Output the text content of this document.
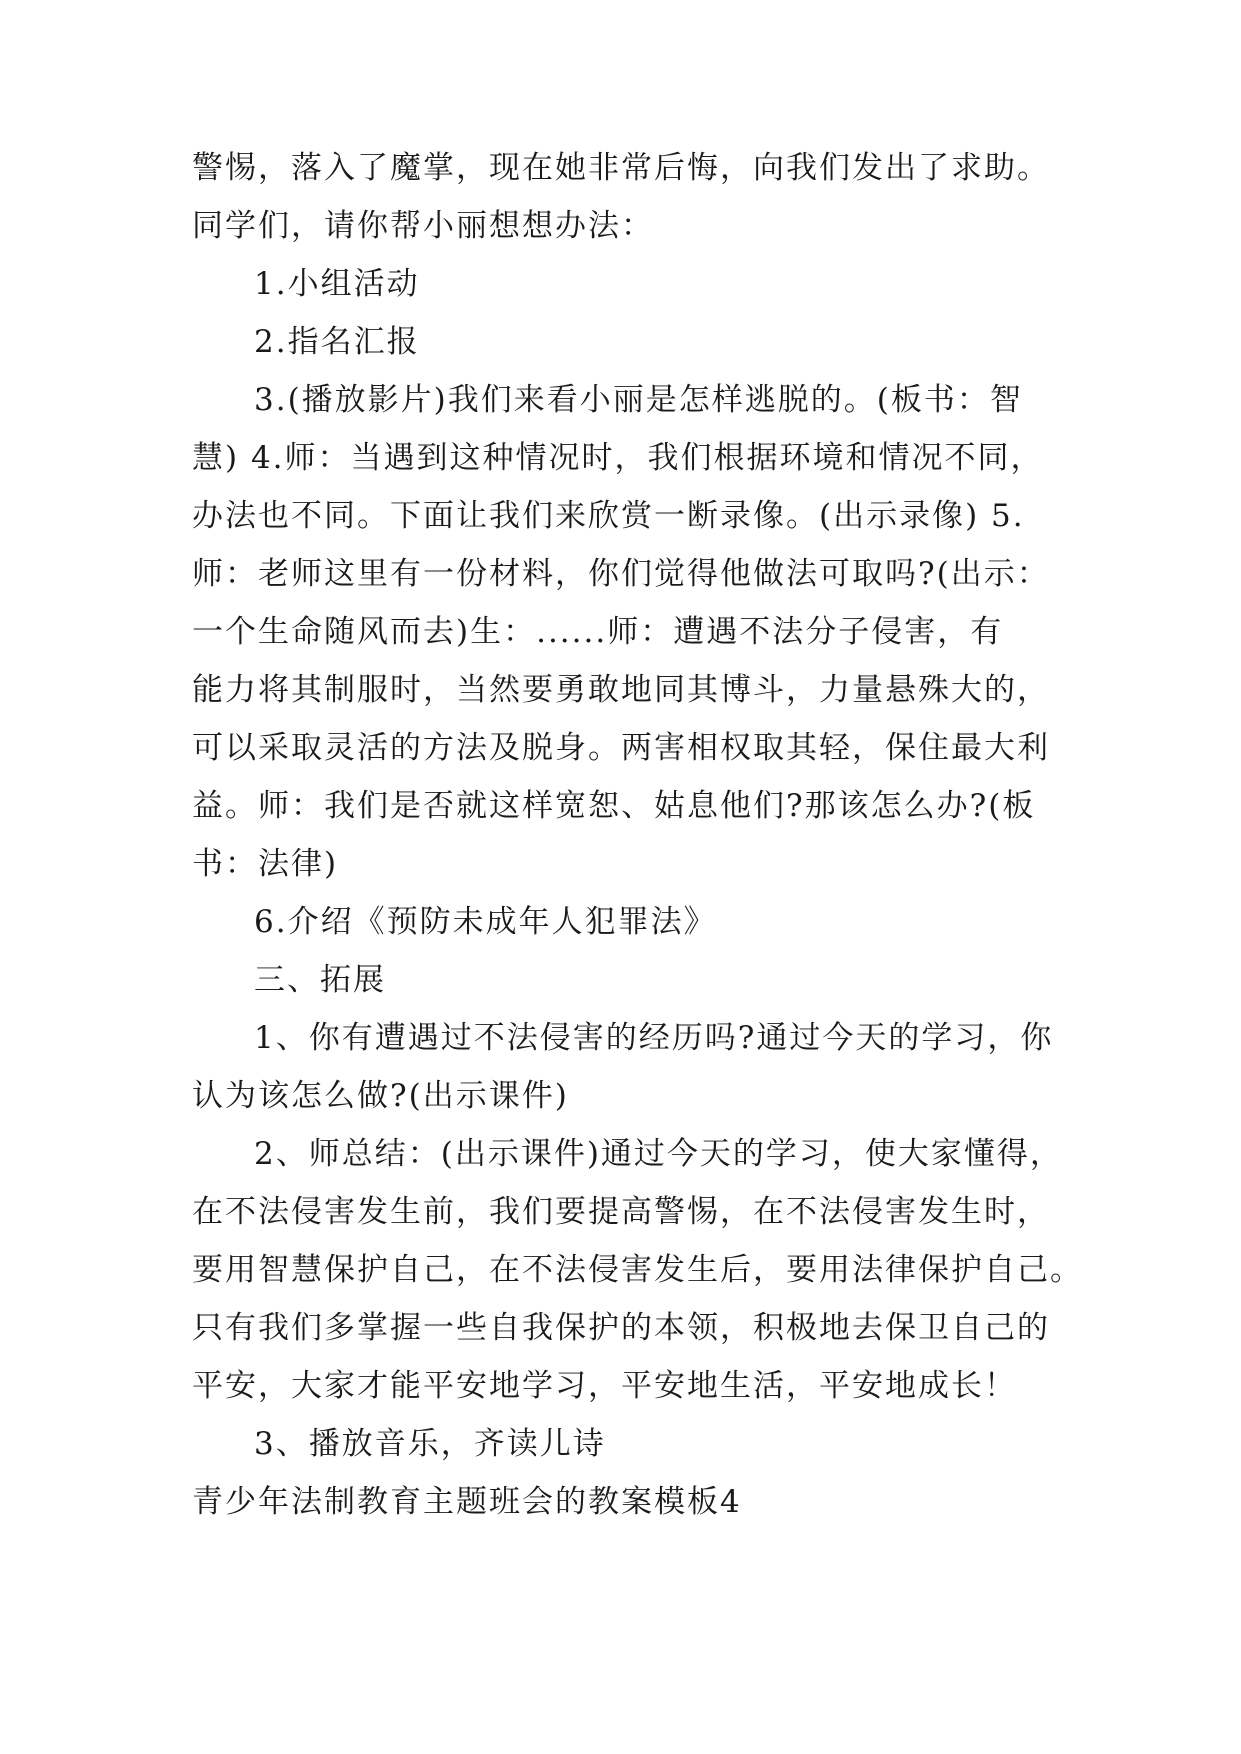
警惕，落入了魔掌，现在她非常后悔，向我们发出了求助。
同学们，请你帮小丽想想办法：
1.小组活动
2.指名汇报
3.(播放影片)我们来看小丽是怎样逃脱的。(板书：智
慧) 4.师：当遇到这种情况时，我们根据环境和情况不同，
办法也不同。下面让我们来欣赏一断录像。(出示录像) 5.
师：老师这里有一份材料，你们觉得他做法可取吗?(出示：
一个生命随风而去)生：......师：遭遇不法分子侵害，有
能力将其制服时，当然要勇敢地同其博斗，力量悬殊大的，
可以采取灵活的方法及脱身。两害相权取其轻，保住最大利
益。师：我们是否就这样宽恕、姑息他们?那该怎么办?(板
书：法律)
6.介绍《预防未成年人犯罪法》
三、拓展
1、你有遭遇过不法侵害的经历吗?通过今天的学习，你
认为该怎么做?(出示课件)
2、师总结：(出示课件)通过今天的学习，使大家懂得，
在不法侵害发生前，我们要提高警惕，在不法侵害发生时，
要用智慧保护自己，在不法侵害发生后，要用法律保护自己。
只有我们多掌握一些自我保护的本领，积极地去保卫自己的
平安，大家才能平安地学习，平安地生活，平安地成长！
3、播放音乐，齐读儿诗
青少年法制教育主题班会的教案模板4
